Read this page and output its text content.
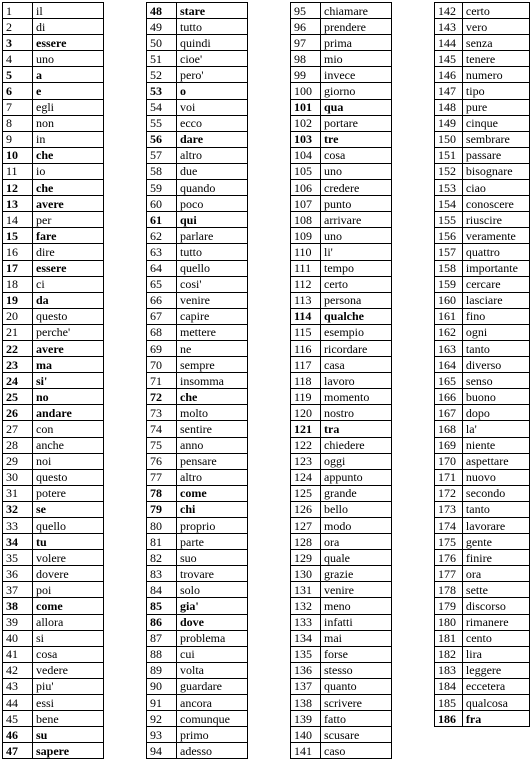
1	il
2	di
3	essere
4	uno
5	a
6	e
7	egli
8	non
9	in
10	che
11	io
12	che
13	avere
14	per
15	fare
16	dire
17	essere
18	ci
19	da
20	questo
21	perche'
22	avere
23	ma
24	si'
25	no
26	andare
27	con
28	anche
29	noi
30	questo
31	potere
32	se
33	quello
34	tu
35	volere
36	dovere
37	poi
38	come
39	allora
40	si
41	cosa
42	vedere
43	piu'
44	essi
45	bene
46	su
47	sapere
48	stare
49	tutto
50	quindi
51	cioe'
52	pero'
53	o
54	voi
55	ecco
56	dare
57	altro
58	due
59	quando
60	poco
61	qui
62	parlare
63	tutto
64	quello
65	cosi'
66	venire
67	capire
68	mettere
69	ne
70	sempre
71	insomma
72	che
73	molto
74	sentire
75	anno
76	pensare
77	altro
78	come
79	chi
80	proprio
81	parte
82	suo
83	trovare
84	solo
85	gia'
86	dove
87	problema
88	cui
89	volta
90	guardare
91	ancora
92	comunque
93	primo
94	adesso
95	chiamare
96	prendere
97	prima
98	mio
99	invece
100	giorno
101	qua
102	portare
103	tre
104	cosa
105	uno
106	credere
107	punto
108	arrivare
109	uno
110	li'
111	tempo
112	certo
113	persona
114	qualche
115	esempio
116	ricordare
117	casa
118	lavoro
119	momento
120	nostro
121	tra
122	chiedere
123	oggi
124	appunto
125	grande
126	bello
127	modo
128	ora
129	quale
130	grazie
131	venire
132	meno
133	infatti
134	mai
135	forse
136	stesso
137	quanto
138	scrivere
139	fatto
140	scusare
141	caso
142	certo
143	vero
144	senza
145	tenere
146	numero
147	tipo
148	pure
149	cinque
150	sembrare
151	passare
152	bisognare
153	ciao
154	conoscere
155	riuscire
156	veramente
157	quattro
158	importante
159	cercare
160	lasciare
161	fino
162	ogni
163	tanto
164	diverso
165	senso
166	buono
167	dopo
168	la'
169	niente
170	aspettare
171	nuovo
172	secondo
173	tanto
174	lavorare
175	gente
176	finire
177	ora
178	sette
179	discorso
180	rimanere
181	cento
182	lira
183	leggere
184	eccetera
185	qualcosa
186	fra
